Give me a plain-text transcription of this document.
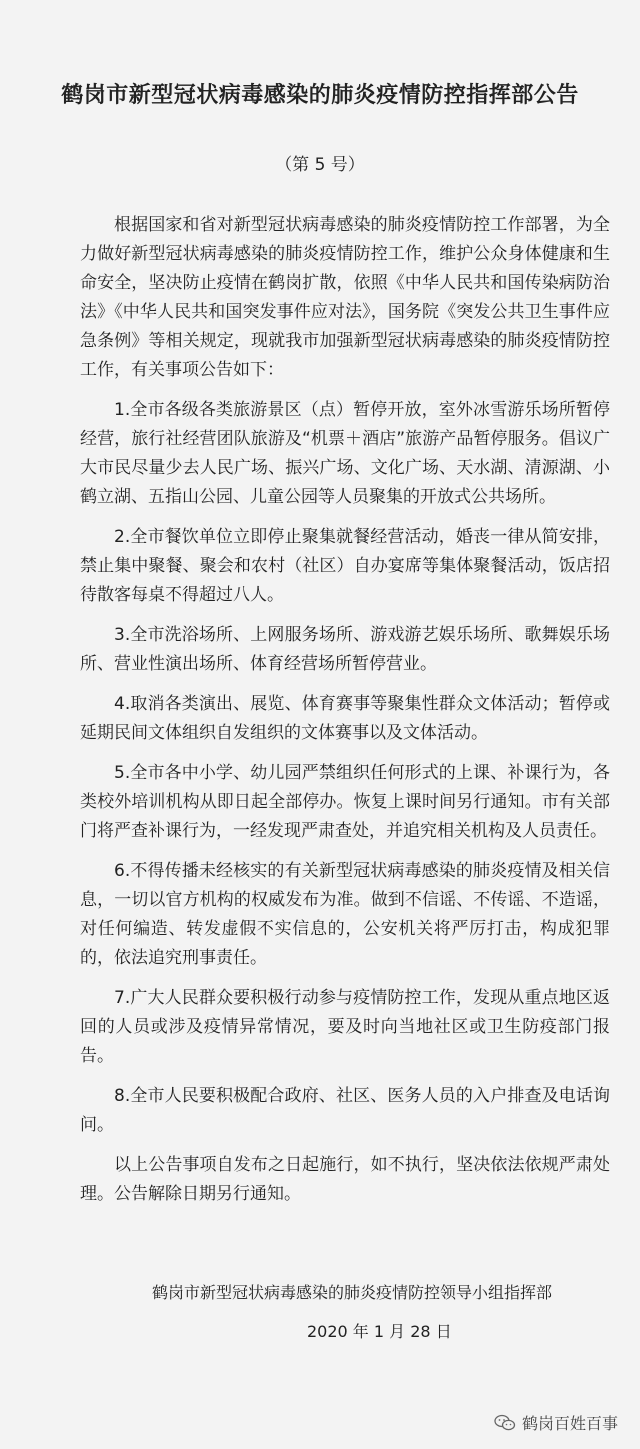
鹤岗市新型冠状病毒感染的肺炎疫情防控指挥部公告
（第 5 号）

根据国家和省对新型冠状病毒感染的肺炎疫情防控工作部署，为全力做好新型冠状病毒感染的肺炎疫情防控工作，维护公众身体健康和生命安全，坚决防止疫情在鹤岗扩散，依照《中华人民共和国传染病防治法》《中华人民共和国突发事件应对法》，国务院《突发公共卫生事件应急条例》等相关规定，现就我市加强新型冠状病毒感染的肺炎疫情防控工作，有关事项公告如下：

1.全市各级各类旅游景区（点）暂停开放，室外冰雪游乐场所暂停经营，旅行社经营团队旅游及“机票＋酒店”旅游产品暂停服务。倡议广大市民尽量少去人民广场、振兴广场、文化广场、天水湖、清源湖、小鹤立湖、五指山公园、儿童公园等人员聚集的开放式公共场所。

2.全市餐饮单位立即停止聚集就餐经营活动，婚丧一律从简安排，禁止集中聚餐、聚会和农村（社区）自办宴席等集体聚餐活动，饭店招待散客每桌不得超过八人。

3.全市洗浴场所、上网服务场所、游戏游艺娱乐场所、歌舞娱乐场所、营业性演出场所、体育经营场所暂停营业。

4.取消各类演出、展览、体育赛事等聚集性群众文体活动；暂停或延期民间文体组织自发组织的文体赛事以及文体活动。

5.全市各中小学、幼儿园严禁组织任何形式的上课、补课行为，各类校外培训机构从即日起全部停办。恢复上课时间另行通知。市有关部门将严查补课行为，一经发现严肃查处，并追究相关机构及人员责任。

6.不得传播未经核实的有关新型冠状病毒感染的肺炎疫情及相关信息，一切以官方机构的权威发布为准。做到不信谣、不传谣、不造谣，对任何编造、转发虚假不实信息的，公安机关将严厉打击，构成犯罪的，依法追究刑事责任。

7.广大人民群众要积极行动参与疫情防控工作，发现从重点地区返回的人员或涉及疫情异常情况，要及时向当地社区或卫生防疫部门报告。

8.全市人民要积极配合政府、社区、医务人员的入户排查及电话询问。

以上公告事项自发布之日起施行，如不执行，坚决依法依规严肃处理。公告解除日期另行通知。

鹤岗市新型冠状病毒感染的肺炎疫情防控领导小组指挥部
2020 年 1 月 28 日
鹤岗百姓百事
